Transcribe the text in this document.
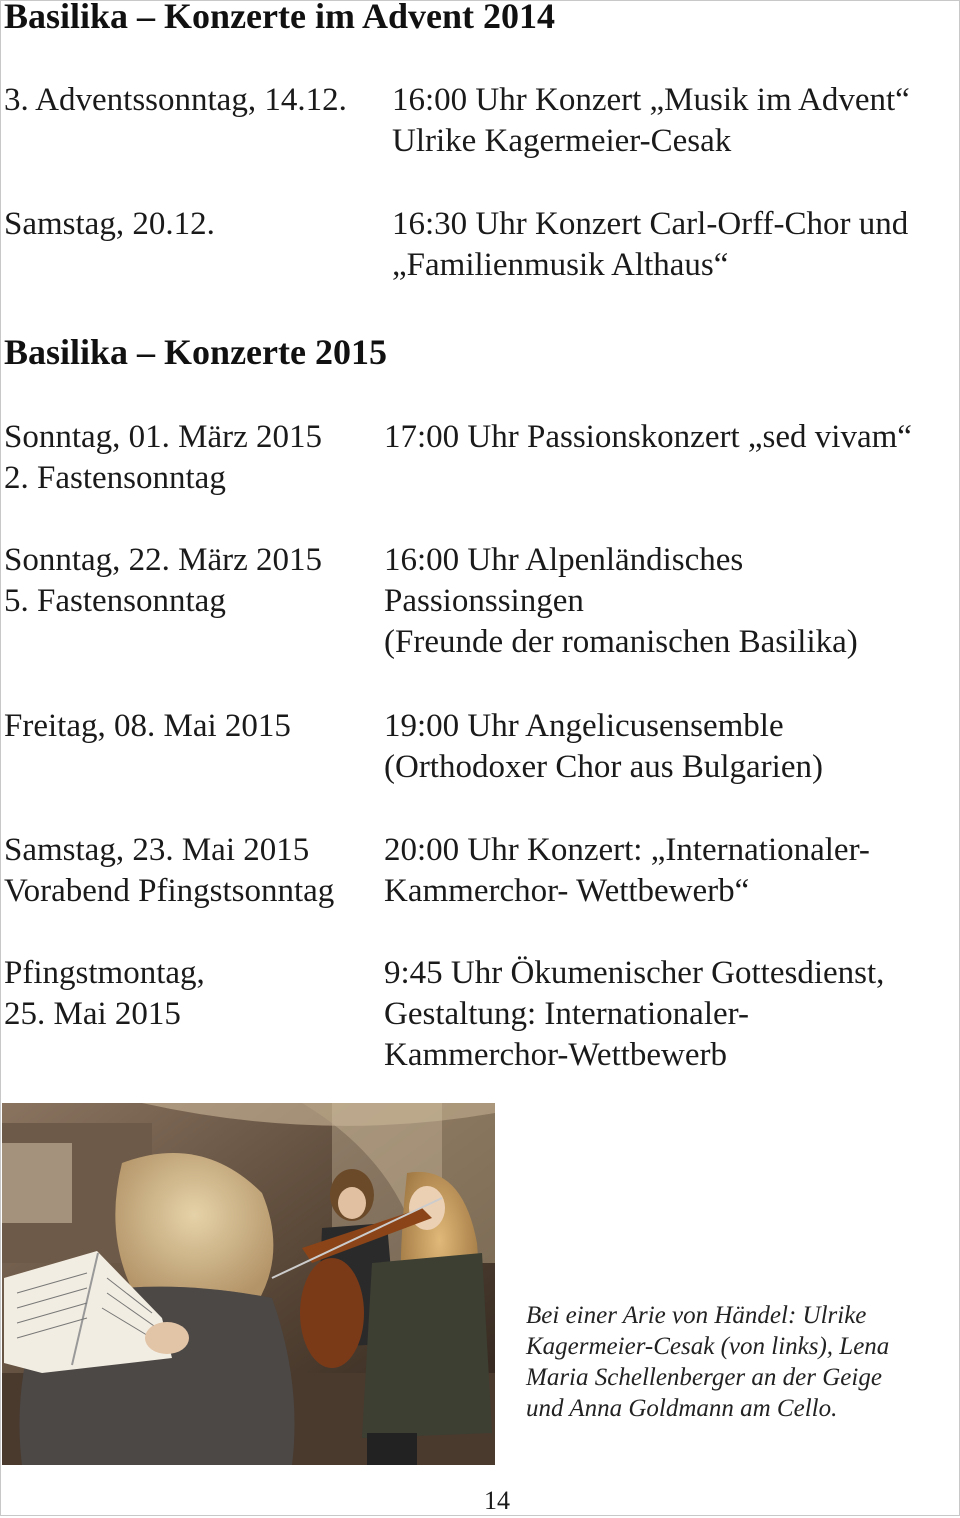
Basilika – Konzerte im Advent 2014
3. Adventssonntag, 14.12. 16:00 Uhr Konzert „Musik im Advent“
Ulrike Kagermeier-Cesak
Samstag, 20.12.	16:30 Uhr Konzert Carl-Orff-Chor und
„Familienmusik Althaus“
Basilika – Konzerte 2015
Sonntag, 01. März 2015
2. Fastensonntag
17:00 Uhr Passionskonzert „sed vivam“
Sonntag, 22. März 2015
5. Fastensonntag
16:00 Uhr Alpenländisches
Passionssingen
(Freunde der romanischen Basilika)
Freitag, 08. Mai 2015	19:00 Uhr Angelicusensemble
(Orthodoxer Chor aus Bulgarien)
Samstag, 23. Mai 2015
Vorabend Pfingstsonntag
20:00 Uhr Konzert: „Internationaler-
Kammerchor- Wettbewerb“
Pfingstmontag,
25. Mai 2015
9:45 Uhr Ökumenischer Gottesdienst,
Gestaltung: Internationaler-
Kammerchor-Wettbewerb
Bei einer Arie von Händel: Ulrike
Kagermeier-Cesak (von links), Lena
Maria Schellenberger an der Geige
und Anna Goldmann am Cello.
14
